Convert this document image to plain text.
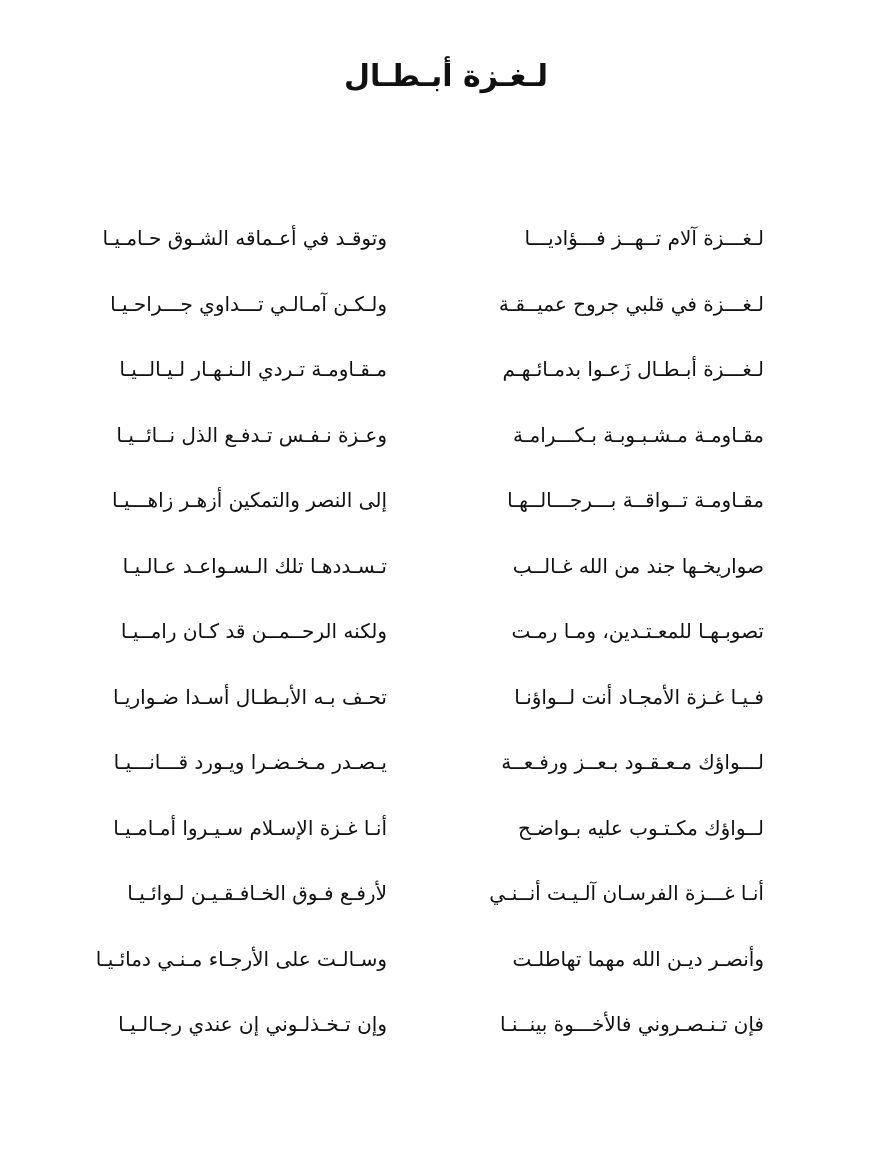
لـغـزة أبـطـال
لـغـــزة آلام تــهــز فـــؤاديـــا
وتوقـد في أعـماقه الشـوق حـامـيـا
لـغـــزة في قلبي جروح عميــقـة
ولـكـن آمـالـي تـــداوي جـــراحـيـا
لـغـــزة أبـطـال زَعـوا بدمـائـهـم
مـقـاومـة تـردي الـنـهـار لـيـالــيـا
مقـاومـة مـشـبـوبـة بـكـــرامـة
وعـزة نـفـس تـدفـع الذل نــائــيـا
مقـاومـة تــواقــة بـــرجـــالــهـا
إلى النصر والتمكين أزهـر زاهـــيـا
صواريخـها جند من الله غـالــب
تـسـددهـا تلك الـسـواعـد عـالـيـا
تصوبـهـا للمعـتـدين، ومـا رمـت
ولكنه الرحــمــن قد كـان رامــيـا
فـيـا غـزة الأمجـاد أنت لــواؤنـا
تحـف بـه الأبـطـال أسـدا ضـواريـا
لـــواؤك مـعـقـود بـعــز ورفـعــة
يـصـدر مـخـضـرا ويـورد قـــانـــيـا
لــواؤك مكـتـوب عليه بـواضـح
أنـا غـزة الإسـلام سـيـروا أمـامـيـا
أنـا غـــزة الفرسـان آلـيـت أنــنـي
لأرفـع فـوق الخـافـقـيـن لـوائـيـا
وأنصـر ديـن الله مهما تهاطلـت
وسـالـت على الأرجـاء مـنـي دمائـيـا
فإن تـنـصـروني فالأخـــوة بينــنـا
وإن تـخـذلـوني إن عندي رجـالـيـا
